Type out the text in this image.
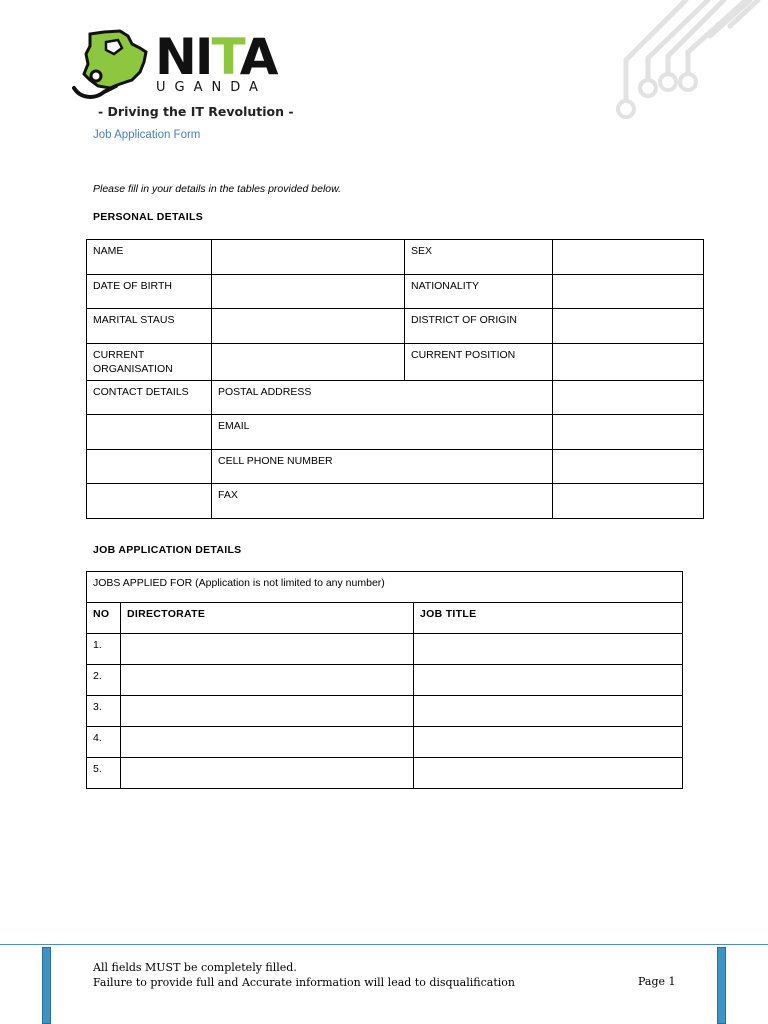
NITA
UGANDA
- Driving the IT Revolution -
Job Application Form
Please fill in your details in the tables provided below.
PERSONAL DETAILS
NAME		SEX	
DATE OF BIRTH		NATIONALITY	
MARITAL STAUS		DISTRICT OF ORIGIN	
CURRENT ORGANISATION		CURRENT POSITION	
CONTACT DETAILS	POSTAL ADDRESS		
	EMAIL		
	CELL PHONE NUMBER		
	FAX		
JOB APPLICATION DETAILS
JOBS APPLIED FOR (Application is not limited to any number)		
NO	DIRECTORATE	JOB TITLE
1.		
2.		
3.		
4.		
5.		
All fields MUST be completely filled.
Failure to provide full and Accurate information will lead to disqualification	Page 1
